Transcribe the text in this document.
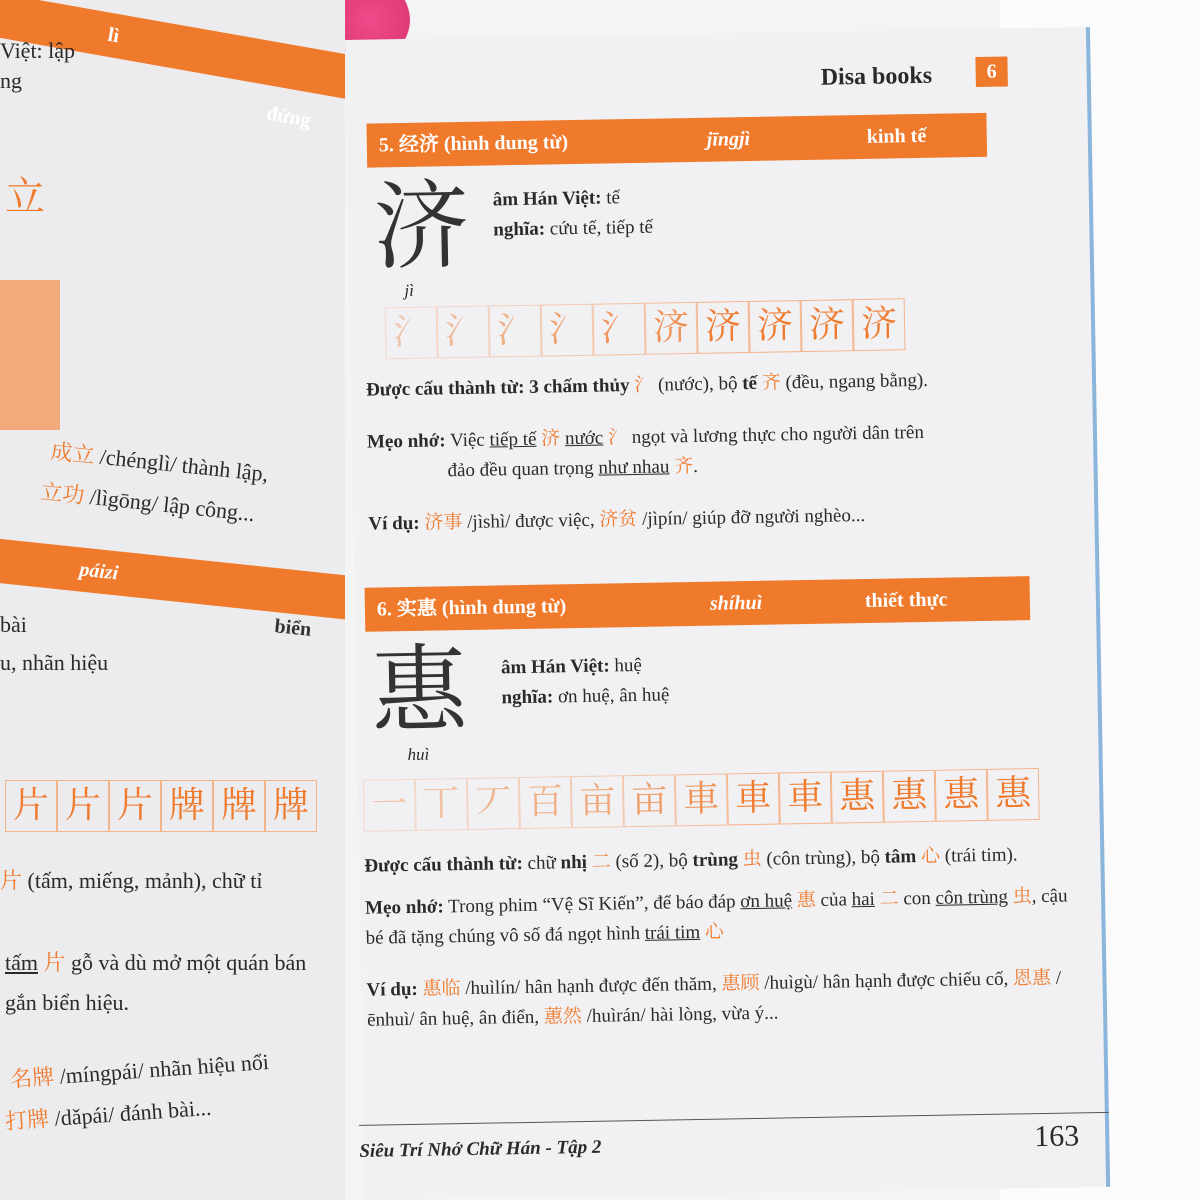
lì
đứng
Việt: lập
ng
立
成立 /chénglì/ thành lập,
立功 /lìgōng/ lập công...
páizi
biển
bài
u, nhãn hiệu
片 片 片 牌 牌 牌
片 (tấm, miếng, mảnh), chữ tỉ
tấm 片 gỗ và dù mở một quán bán
gắn biển hiệu.
名牌 /míngpái/ nhãn hiệu nổi
打牌 /dǎpái/ đánh bài...
Disa books	6
5. 经济 (hình dung từ)	jīngjì	kinh tế
济
jì
âm Hán Việt: tế
nghĩa: cứu tế, tiếp tế
氵 氵 氵 氵 氵 济 济 济 济 济
Được cấu thành từ: 3 chấm thủy 氵 (nước), bộ tế 齐 (đều, ngang bằng).
Mẹo nhớ: Việc tiếp tế 济 nước 氵 ngọt và lương thực cho người dân trên
đảo đều quan trọng như nhau 齐.
Ví dụ: 济事 /jìshì/ được việc, 济贫 /jìpín/ giúp đỡ người nghèo...
6. 实惠 (hình dung từ)	shíhuì	thiết thực
惠
huì
âm Hán Việt: huệ
nghĩa: ơn huệ, ân huệ
一 丅 丆 百 亩 亩 車 車 車 惠 惠 惠 惠
Được cấu thành từ: chữ nhị 二 (số 2), bộ trùng 虫 (côn trùng), bộ tâm 心 (trái tim).
Mẹo nhớ: Trong phim “Vệ Sĩ Kiến”, để báo đáp ơn huệ 惠 của hai 二 con côn trùng 虫, cậu bé đã tặng chúng vô số đá ngọt hình trái tim 心
Ví dụ: 惠临 /huìlín/ hân hạnh được đến thăm, 惠顾 /huìgù/ hân hạnh được chiếu cố, 恩惠 /ēnhuì/ ân huệ, ân điển, 蕙然 /huìrán/ hài lòng, vừa ý...
Siêu Trí Nhớ Chữ Hán - Tập 2	163
